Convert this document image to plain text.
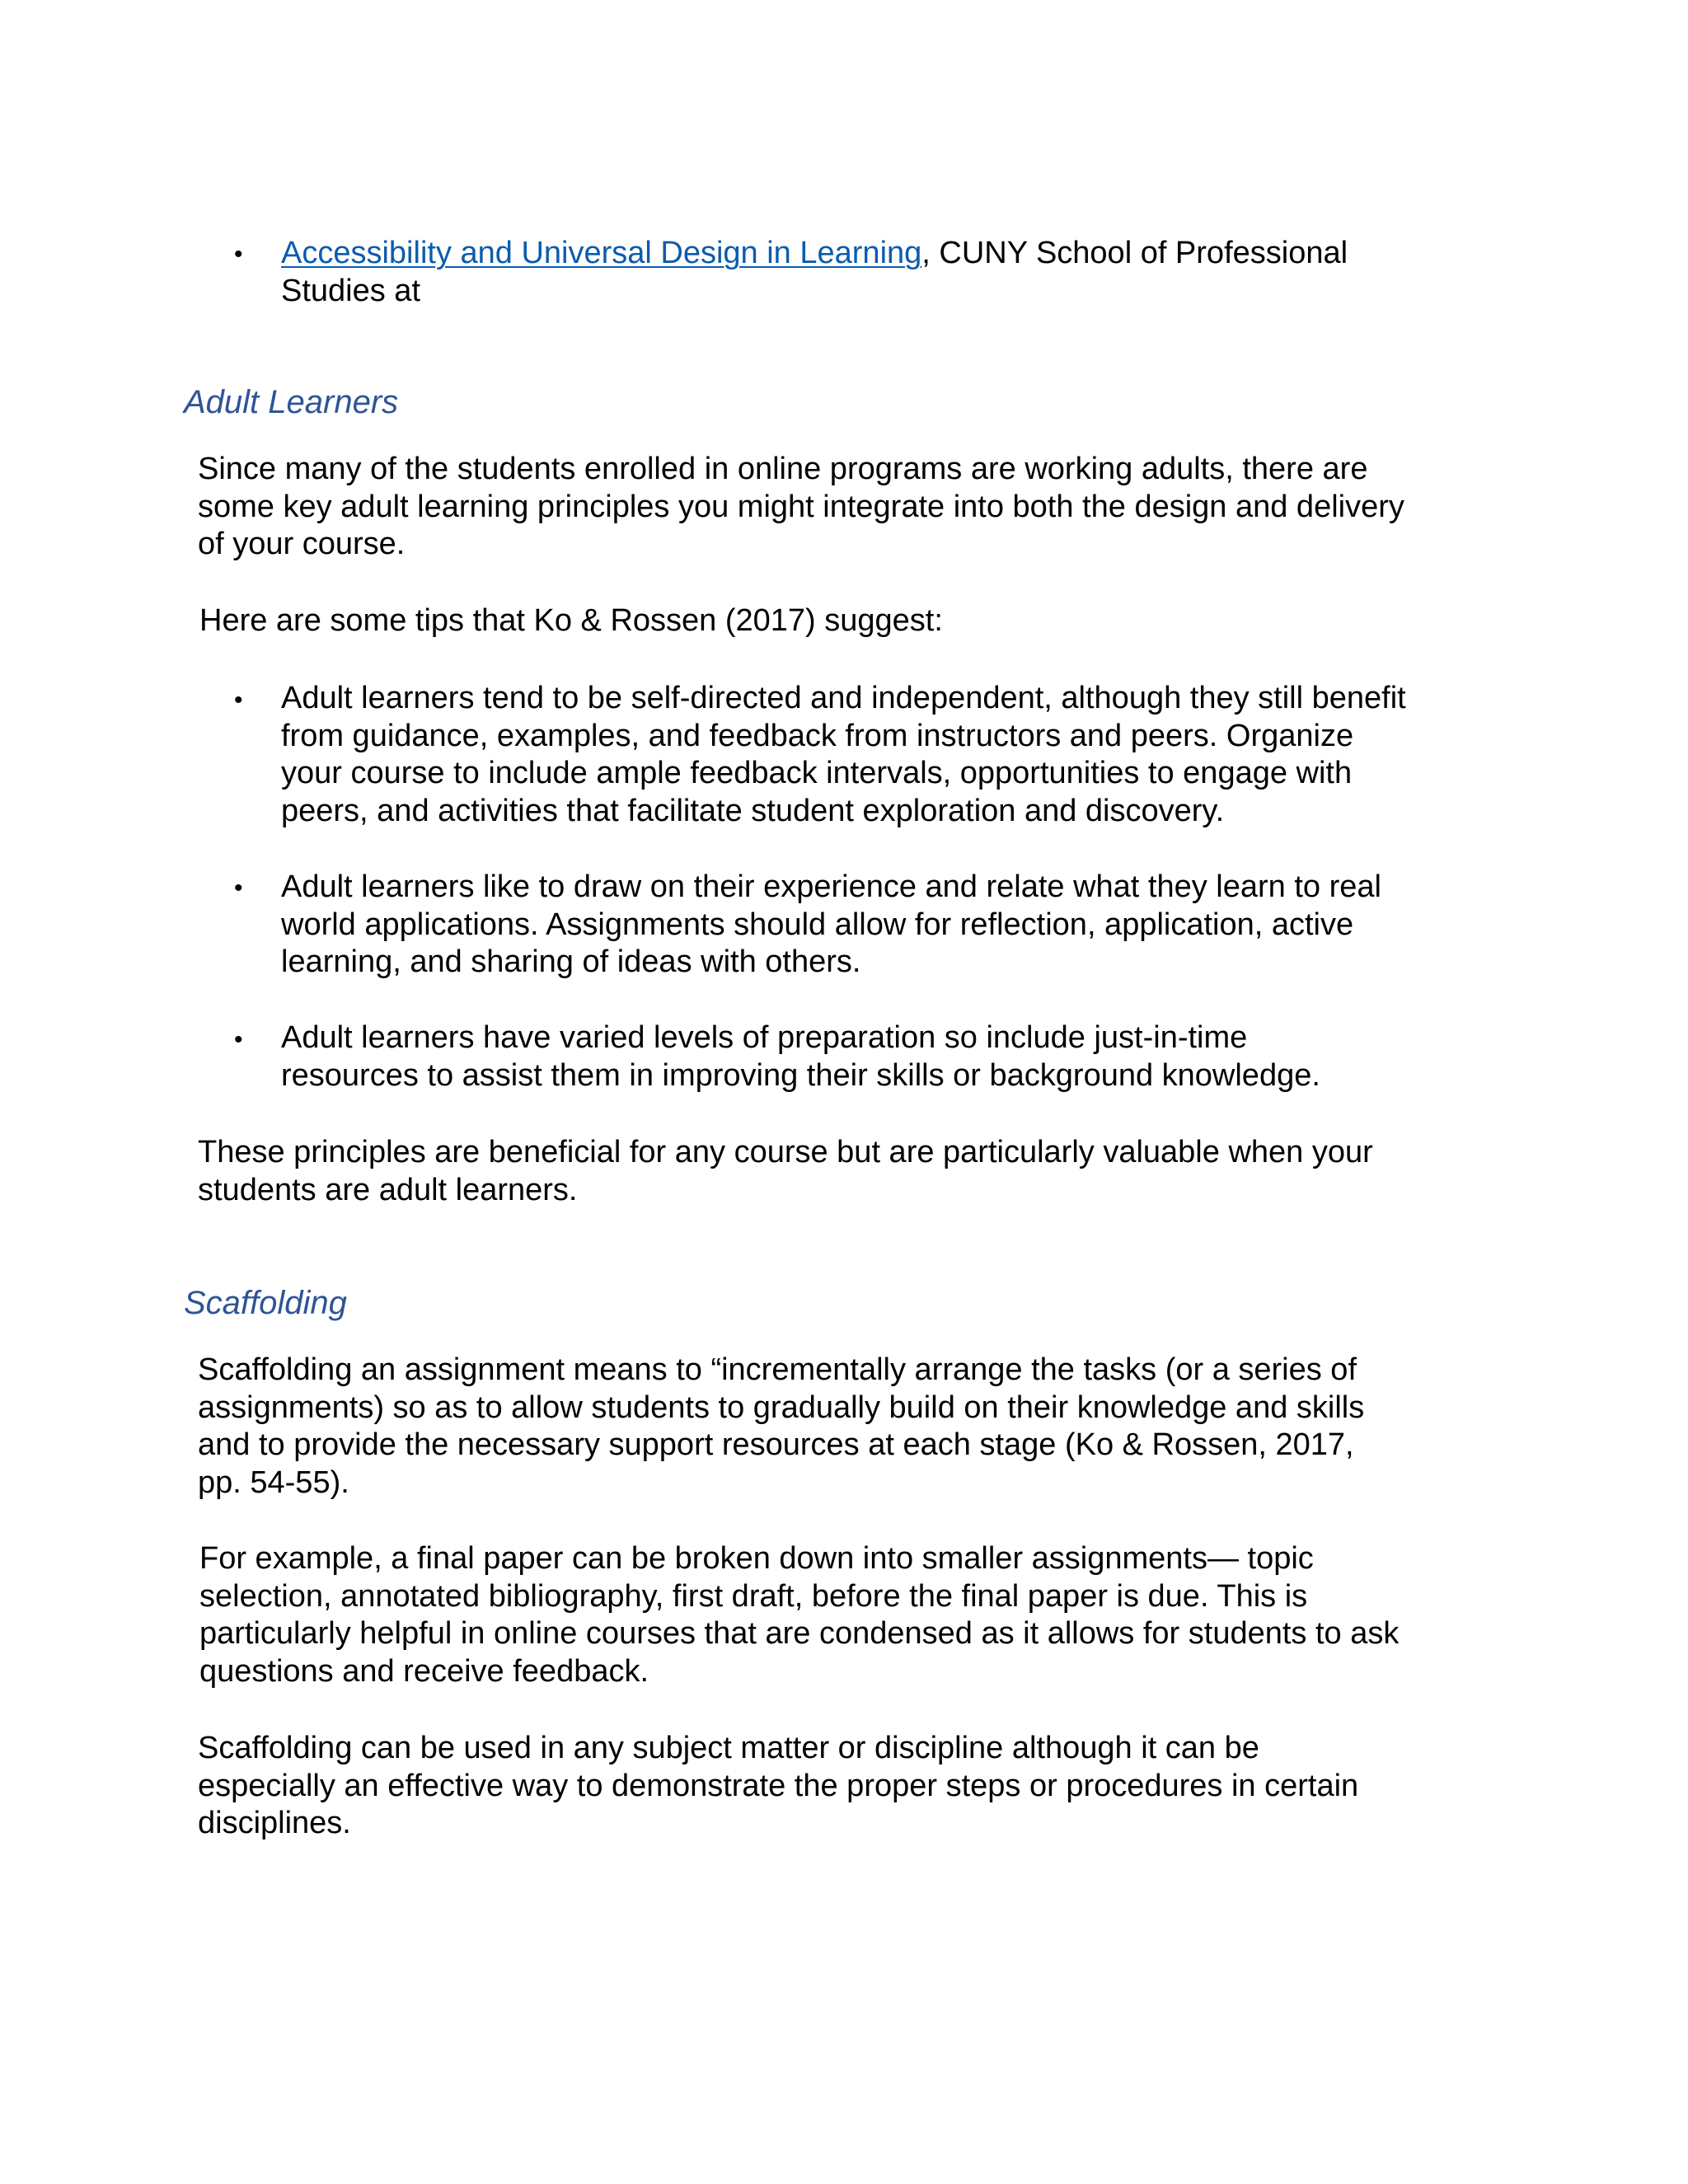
• Accessibility and Universal Design in Learning, CUNY School of Professional
Studies at
Adult Learners
Since many of the students enrolled in online programs are working adults, there are
some key adult learning principles you might integrate into both the design and delivery
of your course.
Here are some tips that Ko & Rossen (2017) suggest:
• Adult learners tend to be self-directed and independent, although they still benefit
from guidance, examples, and feedback from instructors and peers. Organize
your course to include ample feedback intervals, opportunities to engage with
peers, and activities that facilitate student exploration and discovery.
• Adult learners like to draw on their experience and relate what they learn to real
world applications. Assignments should allow for reflection, application, active
learning, and sharing of ideas with others.
• Adult learners have varied levels of preparation so include just-in-time
resources to assist them in improving their skills or background knowledge.
These principles are beneficial for any course but are particularly valuable when your
students are adult learners.
Scaffolding
Scaffolding an assignment means to “incrementally arrange the tasks (or a series of
assignments) so as to allow students to gradually build on their knowledge and skills
and to provide the necessary support resources at each stage (Ko & Rossen, 2017,
pp. 54-55).
For example, a final paper can be broken down into smaller assignments— topic
selection, annotated bibliography, first draft, before the final paper is due. This is
particularly helpful in online courses that are condensed as it allows for students to ask
questions and receive feedback.
Scaffolding can be used in any subject matter or discipline although it can be
especially an effective way to demonstrate the proper steps or procedures in certain
disciplines.
